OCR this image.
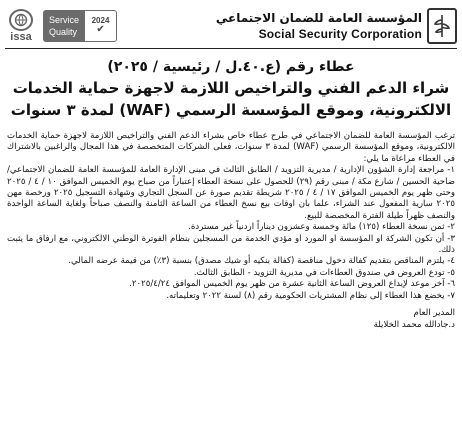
issa
Service
Quality
2024
✔
المؤسسة العامة للضمان الاجتماعي
Social Security Corporation
عطاء رقم (ع.٤٠.ل / رئيسية / ٢٠٢٥)
شراء الدعم الفني والتراخيص اللازمة لاجهزة حماية الخدمات
الالكترونية، وموقع المؤسسة الرسمي (WAF) لمدة ٣ سنوات

ترغب المؤسسة العامة للضمان الاجتماعي في طرح عطاء خاص بشراء الدعم الفني والتراخيص اللازمة لاجهزة حماية الخدمات الالكترونية، وموقع المؤسسة الرسمي (WAF) لمدة ٣ سنوات، فعلى الشركات المتخصصة في هذا المجال والراغبين بالاشتراك في العطاء مراعاة ما يلي:

١- مراجعة إدارة الشؤون الإدارية / مديرية التزويد / الطابق الثالث في مبنى الإدارة العامة للمؤسسة العامة للضمان الاجتماعي/ ضاحية الحسين / شارع مكة / مبنى رقم (٢٩) للحصول على نسخة العطاء إعتباراً من صباح يوم الخميس الموافق ١٠ / ٤ / ٢٠٢٥ وحتى ظهر يوم الخميس الموافق ١٧ / ٤ / ٢٠٢٥ شريطة تقديم صورة عن السجل التجاري وشهادة التسجيل ٢٠٢٥ ورخصة مهن ٢٠٢٥ سارية المفعول عند الشراء، علما بان اوقات بيع نسخ العطاء من الساعة الثامنة والنصف صباحاً ولغاية الساعة الواحدة والنصف ظهراً طيلة الفترة المخصصة للبيع.
٢- ثمن نسخة العطاء (١٢٥) مائة وخمسة وعشرون ديناراً اردنياً غير مستردة.
٣- أن تكون الشركة او المؤسسة او المورد او مؤدي الخدمة من المسجلين بنظام الفوترة الوطني الالكتروني، مع ارفاق ما يثبت ذلك.
٤- يلتزم المناقص بتقديم كفالة دخول مناقصة (كفالة بنكيه أو شيك مصدق) بنسبة (٣٪) من قيمة عرضه المالي.
٥- تودع العروض في صندوق العطاءات في مديرية التزويد - الطابق الثالث.
٦- آخر موعد لإيداع العروض الساعة الثانية عشرة من ظهر يوم الخميس الموافق ٢٠٢٥/٤/٢٤.
٧- يخضع هذا العطاء إلى نظام المشتريات الحكومية رقم (٨) لسنة ٢٠٢٢ وتعليماته.
المدير العام
د.جادالله محمد الخلايلة
